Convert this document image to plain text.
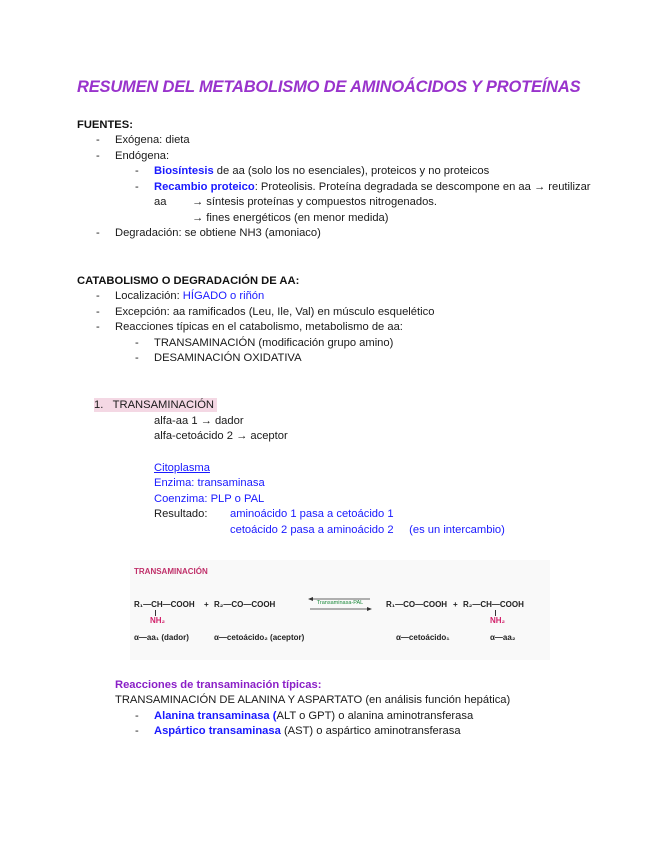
RESUMEN DEL METABOLISMO DE AMINOÁCIDOS Y PROTEÍNAS
FUENTES:
- Exógena: dieta
- Endógena:
- Biosíntesis de aa (solo los no esenciales), proteicos y no proteicos
- Recambio proteico: Proteolisis. Proteína degradada se descompone en aa → reutilizar
aa → síntesis proteínas y compuestos nitrogenados.
→ fines energéticos (en menor medida)
- Degradación: se obtiene NH3 (amoniaco)
CATABOLISMO O DEGRADACIÓN DE AA:
- Localización: HÍGADO o riñón
- Excepción: aa ramificados (Leu, Ile, Val) en músculo esquelético
- Reacciones típicas en el catabolismo, metabolismo de aa:
- TRANSAMINACIÓN (modificación grupo amino)
- DESAMINACIÓN OXIDATIVA
1. TRANSAMINACIÓN
alfa-aa 1 → dador
alfa-cetoácido 2 → aceptor
Citoplasma
Enzima: transaminasa
Coenzima: PLP o PAL
Resultado: aminoácido 1 pasa a cetoácido 1
cetoácido 2 pasa a aminoácido 2 (es un intercambio)
TRANSAMINACIÓN
R₁—CH—COOH
NH₂
+ R₂—CO—COOH	Transaminasa-PAL	R₁—CO—COOH + R₂—CH—COOH
NH₂
α—aa₁ (dador)	α—cetoácido₂ (aceptor)	α—cetoácido₁	α—aa₂
Reacciones de transaminación típicas:
TRANSAMINACIÓN DE ALANINA Y ASPARTATO (en análisis función hepática)
- Alanina transaminasa (ALT o GPT) o alanina aminotransferasa
- Aspártico transaminasa (AST) o aspártico aminotransferasa
